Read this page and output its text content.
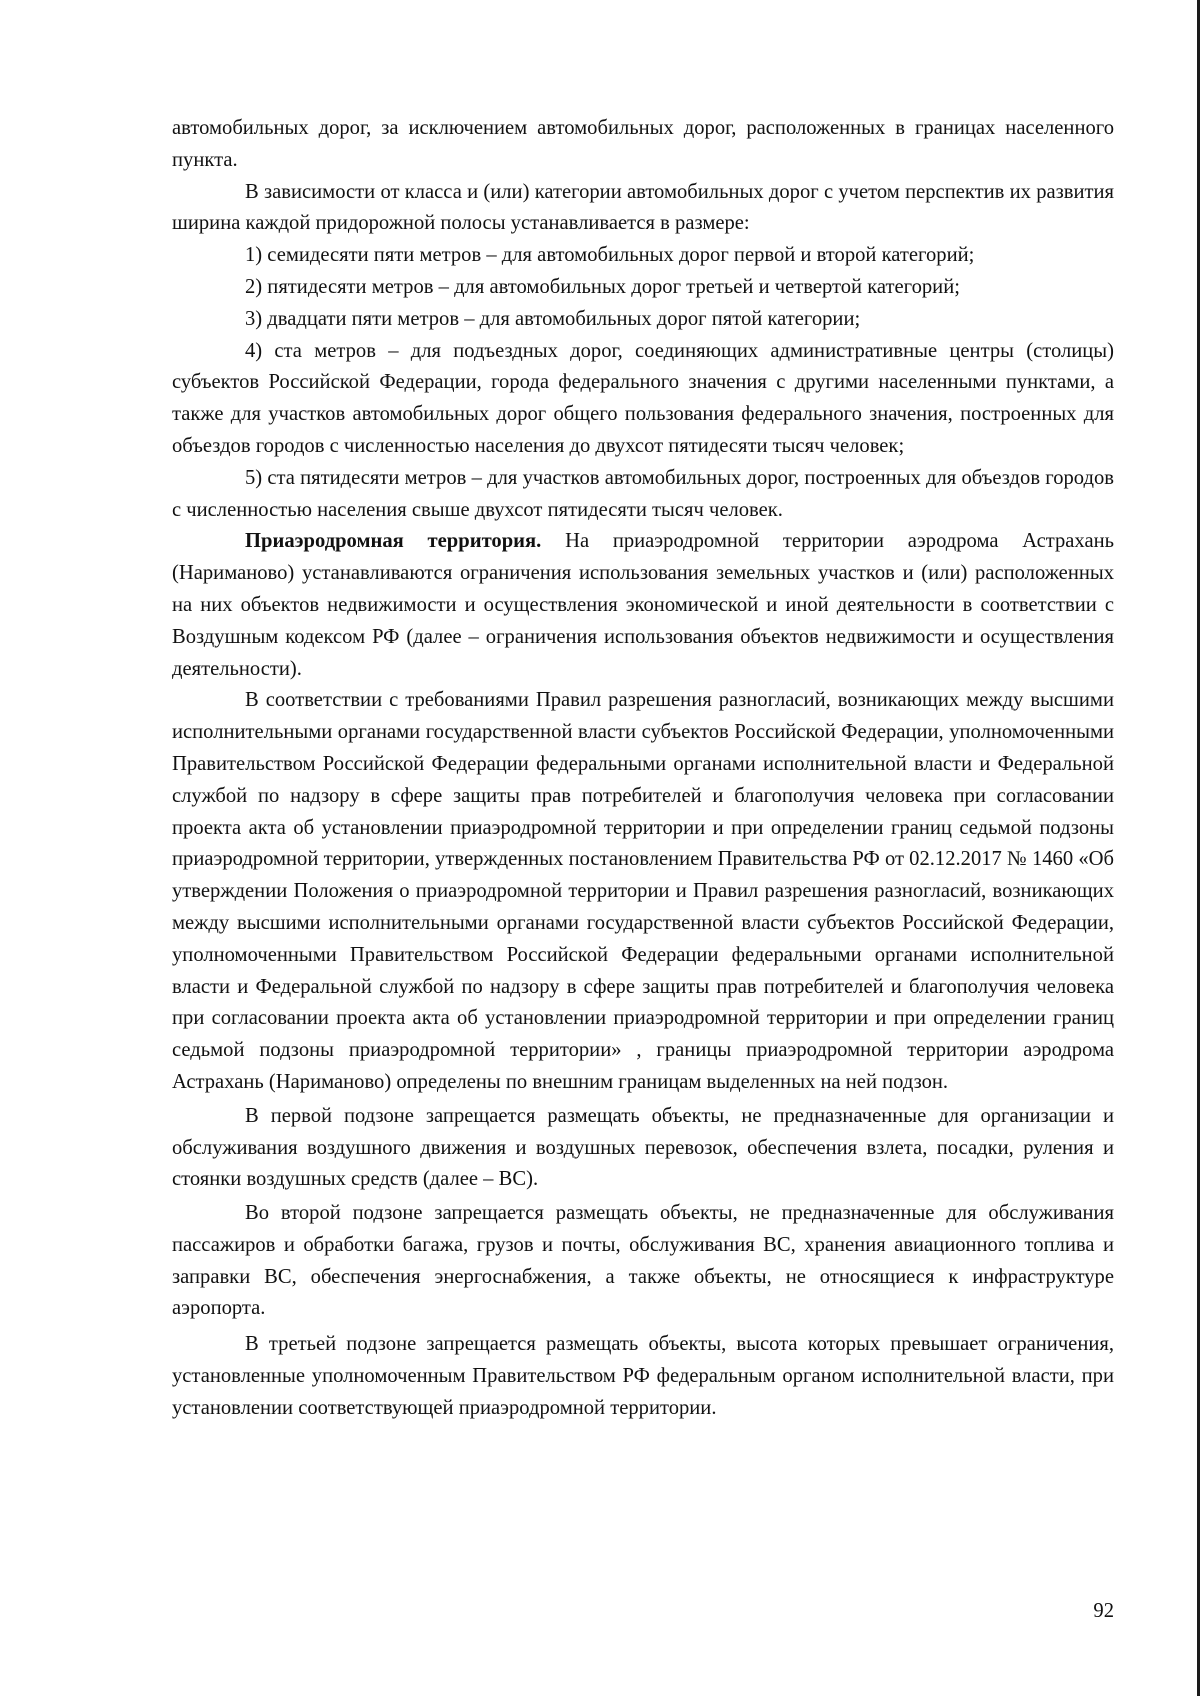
автомобильных дорог, за исключением автомобильных дорог, расположенных в границах населенного пункта.

В зависимости от класса и (или) категории автомобильных дорог с учетом перспектив их развития ширина каждой придорожной полосы устанавливается в размере:

1) семидесяти пяти метров – для автомобильных дорог первой и второй категорий;

2) пятидесяти метров – для автомобильных дорог третьей и четвертой категорий;

3) двадцати пяти метров – для автомобильных дорог пятой категории;

4) ста метров – для подъездных дорог, соединяющих административные центры (столицы) субъектов Российской Федерации, города федерального значения с другими населенными пунктами, а также для участков автомобильных дорог общего пользования федерального значения, построенных для объездов городов с численностью населения до двухсот пятидесяти тысяч человек;

5) ста пятидесяти метров – для участков автомобильных дорог, построенных для объездов городов с численностью населения свыше двухсот пятидесяти тысяч человек.

Приаэродромная территория. На приаэродромной территории аэродрома Астрахань (Нариманово) устанавливаются ограничения использования земельных участков и (или) расположенных на них объектов недвижимости и осуществления экономической и иной деятельности в соответствии с Воздушным кодексом РФ (далее – ограничения использования объектов недвижимости и осуществления деятельности).

В соответствии с требованиями Правил разрешения разногласий, возникающих между высшими исполнительными органами государственной власти субъектов Российской Федерации, уполномоченными Правительством Российской Федерации федеральными органами исполнительной власти и Федеральной службой по надзору в сфере защиты прав потребителей и благополучия человека при согласовании проекта акта об установлении приаэродромной территории и при определении границ седьмой подзоны приаэродромной территории, утвержденных постановлением Правительства РФ от 02.12.2017 № 1460 «Об утверждении Положения о приаэродромной территории и Правил разрешения разногласий, возникающих между высшими исполнительными органами государственной власти субъектов Российской Федерации, уполномоченными Правительством Российской Федерации федеральными органами исполнительной власти и Федеральной службой по надзору в сфере защиты прав потребителей и благополучия человека при согласовании проекта акта об установлении приаэродромной территории и при определении границ седьмой подзоны приаэродромной территории» , границы приаэродромной территории аэродрома Астрахань (Нариманово) определены по внешним границам выделенных на ней подзон.

В первой подзоне запрещается размещать объекты, не предназначенные для организации и обслуживания воздушного движения и воздушных перевозок, обеспечения взлета, посадки, руления и стоянки воздушных средств (далее – ВС).

Во второй подзоне запрещается размещать объекты, не предназначенные для обслуживания пассажиров и обработки багажа, грузов и почты, обслуживания ВС, хранения авиационного топлива и заправки ВС, обеспечения энергоснабжения, а также объекты, не относящиеся к инфраструктуре аэропорта.

В третьей подзоне запрещается размещать объекты, высота которых превышает ограничения, установленные уполномоченным Правительством РФ федеральным органом исполнительной власти, при установлении соответствующей приаэродромной территории.

92
